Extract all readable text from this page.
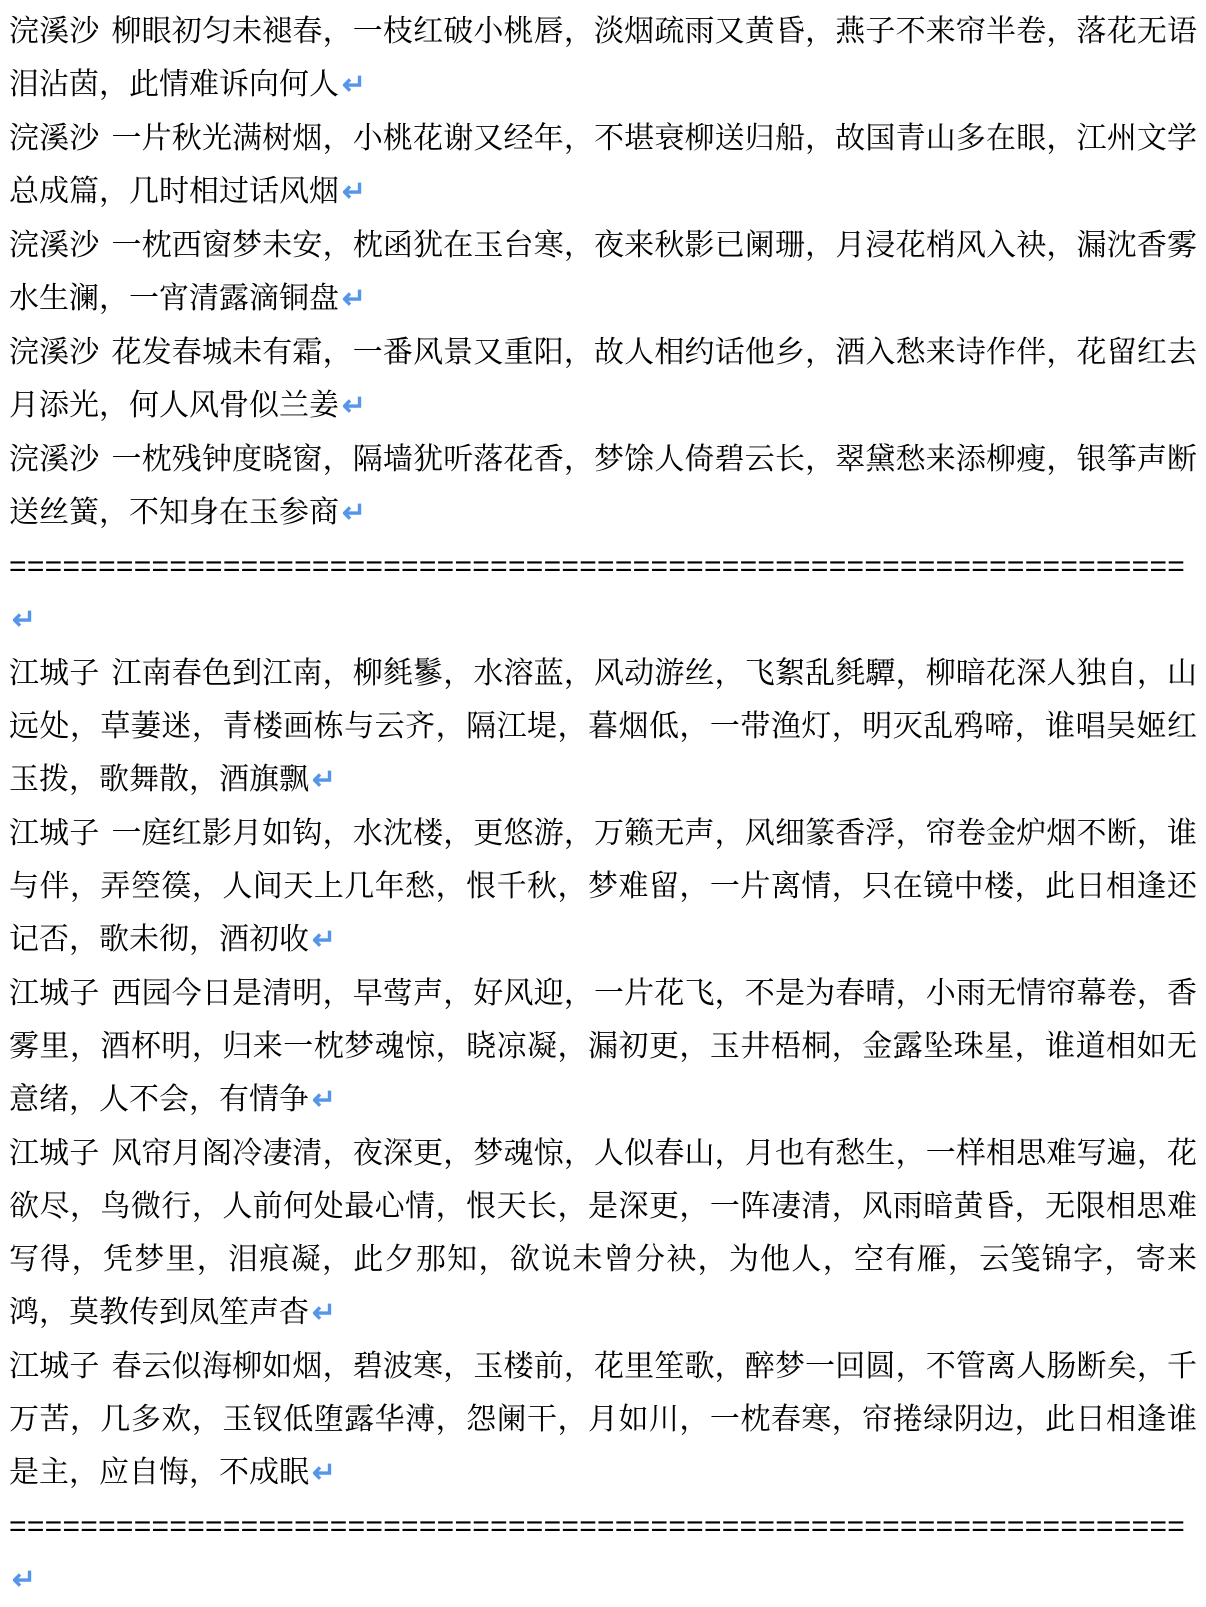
浣溪沙 柳眼初匀未褪春，一枝红破小桃唇，淡烟疏雨又黄昏，燕子不来帘半卷，落花无语泪沾茵，此情难诉向何人 ↵

浣溪沙 一片秋光满树烟，小桃花谢又经年，不堪衰柳送归船，故国青山多在眼，江州文学总成篇，几时相过话风烟 ↵

浣溪沙 一枕西窗梦未安，枕函犹在玉台寒，夜来秋影已阑珊，月浸花梢风入袂，漏沈香雾水生澜，一宵清露滴铜盘 ↵

浣溪沙 花发春城未有霜，一番风景又重阳，故人相约话他乡，酒入愁来诗作伴，花留红去月添光，何人风骨似兰姜 ↵

浣溪沙 一枕残钟度晓窗，隔墙犹听落花香，梦馀人倚碧云长，翠黛愁来添柳瘦，银筝声断送丝簧，不知身在玉参商 ↵

==================================================================↵

江城子 江南春色到江南，柳毵鬖，水溶蓝，风动游丝，飞絮乱毵驔，柳暗花深人独自，山远处，草萋迷，青楼画栋与云齐，隔江堤，暮烟低，一带渔灯，明灭乱鸦啼，谁唱吴姬红玉拨，歌舞散，酒旗飘 ↵

江城子 一庭红影月如钩，水沈楼，更悠游，万籁无声，风细篆香浮，帘卷金炉烟不断，谁与伴，弄箜篌，人间天上几年愁，恨千秋，梦难留，一片离情，只在镜中楼，此日相逢还记否，歌未彻，酒初收 ↵

江城子 西园今日是清明，早莺声，好风迎，一片花飞，不是为春晴，小雨无情帘幕卷，香雾里，酒杯明，归来一枕梦魂惊，晓凉凝，漏初更，玉井梧桐，金露坠珠星，谁道相如无意绪，人不会，有情争 ↵

江城子 风帘月阁冷凄清，夜深更，梦魂惊，人似春山，月也有愁生，一样相思难写遍，花欲尽，鸟微行，人前何处最心情，恨天长，是深更，一阵凄清，风雨暗黄昏，无限相思难写得，凭梦里，泪痕凝，此夕那知，欲说未曾分袂，为他人，空有雁，云笺锦字，寄来鸿，莫教传到凤笙声杳 ↵

江城子 春云似海柳如烟，碧波寒，玉楼前，花里笙歌，醉梦一回圆，不管离人肠断矣，千万苦，几多欢，玉钗低堕露华溥，怨阑干，月如川，一枕春寒，帘捲绿阴边，此日相逢谁是主，应自悔，不成眠 ↵

==================================================================↵
